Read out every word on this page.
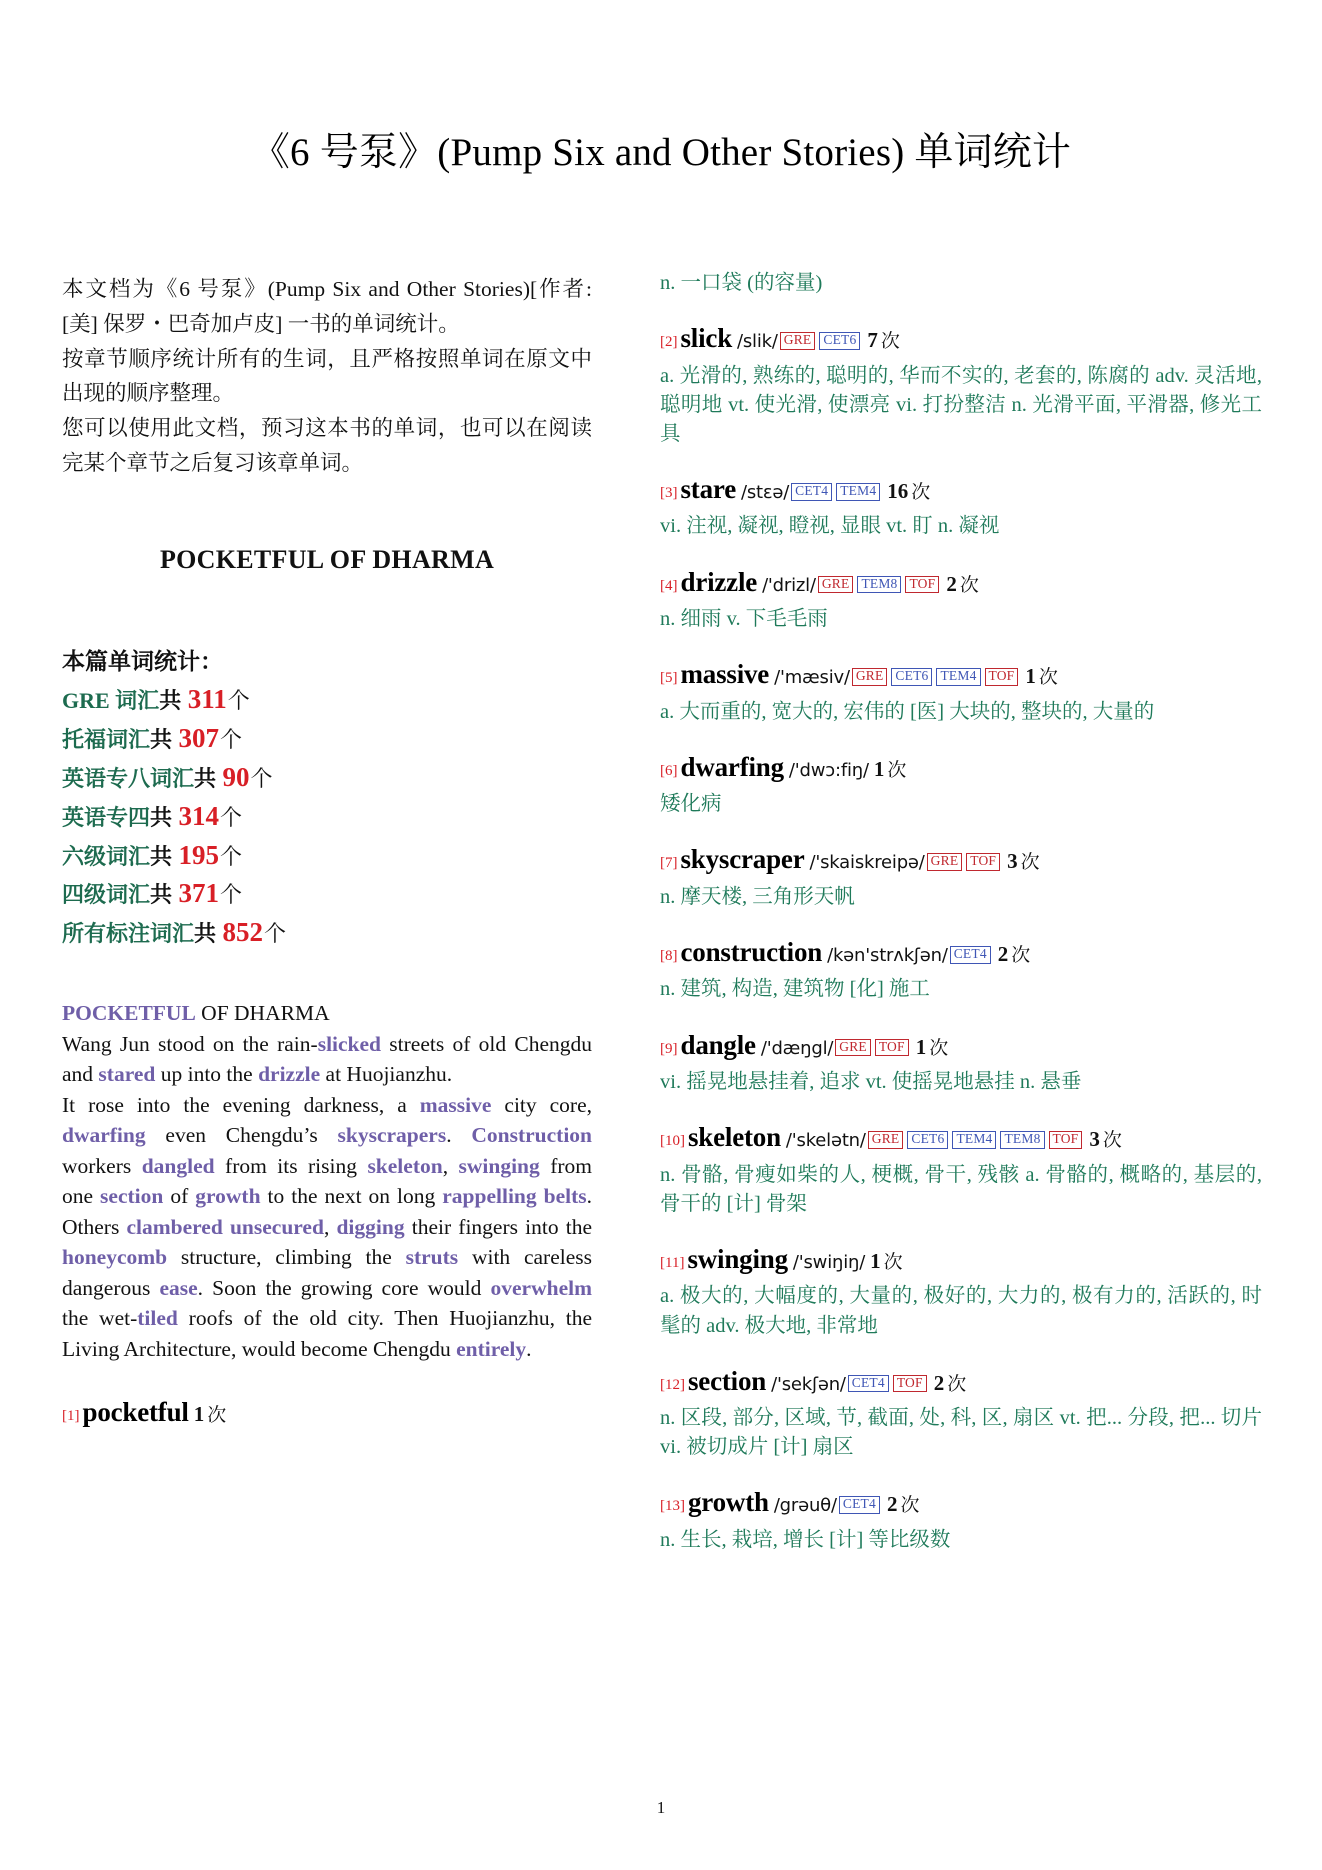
《6 号泵》(Pump Six and Other Stories) 单词统计

本文档为《6 号泵》(Pump Six and Other Stories)[作者: [美] 保罗・巴奇加卢皮] 一书的单词统计。

按章节顺序统计所有的生词，且严格按照单词在原文中出现的顺序整理。

您可以使用此文档，预习这本书的单词，也可以在阅读完某个章节之后复习该章单词。

POCKETFUL OF DHARMA
本篇单词统计：
GRE 词汇共 311个
托福词汇共 307个
英语专八词汇共 90个
英语专四共 314个
六级词汇共 195个
四级词汇共 371个
所有标注词汇共 852个

POCKETFUL OF DHARMA

Wang Jun stood on the rain-slicked streets of old Chengdu and stared up into the drizzle at Huojianzhu.
It rose into the evening darkness, a massive city core, dwarfing even Chengdu’s skyscrapers. Construction workers dangled from its rising skeleton, swinging from one section of growth to the next on long rappelling belts. Others clambered unsecured, digging their fingers into the honeycomb structure, climbing the struts with careless dangerous ease. Soon the growing core would overwhelm the wet-tiled roofs of the old city. Then Huojianzhu, the Living Architecture, would become Chengdu entirely.

[1] pocketful 1 次
n. 一口袋 (的容量)
[2] slick /slik/ GRE CET6 7 次
a. 光滑的, 熟练的, 聪明的, 华而不实的, 老套的, 陈腐的 adv. 灵活地, 聪明地 vt. 使光滑, 使漂亮 vi. 打扮整洁 n. 光滑平面, 平滑器, 修光工具
[3] stare /stɛə/ CET4 TEM4 16 次
vi. 注视, 凝视, 瞪视, 显眼 vt. 盯 n. 凝视
[4] drizzle /'drizl/ GRE TEM8 TOF 2 次
n. 细雨 v. 下毛毛雨
[5] massive /'mæsiv/ GRE CET6 TEM4 TOF 1 次
a. 大而重的, 宽大的, 宏伟的 [医] 大块的, 整块的, 大量的
[6] dwarfing /'dwɔ:fiŋ/ 1 次
矮化病
[7] skyscraper /'skaiskreipə/ GRE TOF 3 次
n. 摩天楼, 三角形天帆
[8] construction /kən'strʌkʃən/ CET4 2 次
n. 建筑, 构造, 建筑物 [化] 施工
[9] dangle /'dæŋgl/ GRE TOF 1 次
vi. 摇晃地悬挂着, 追求 vt. 使摇晃地悬挂 n. 悬垂
[10] skeleton /'skelətn/ GRE CET6 TEM4 TEM8 TOF 3 次
n. 骨骼, 骨瘦如柴的人, 梗概, 骨干, 残骸 a. 骨骼的, 概略的, 基层的, 骨干的 [计] 骨架
[11] swinging /'swiŋiŋ/ 1 次
a. 极大的, 大幅度的, 大量的, 极好的, 大力的, 极有力的, 活跃的, 时髦的 adv. 极大地, 非常地
[12] section /'sekʃən/ CET4 TOF 2 次
n. 区段, 部分, 区域, 节, 截面, 处, 科, 区, 扇区 vt. 把... 分段, 把... 切片 vi. 被切成片 [计] 扇区
[13] growth /grəuθ/ CET4 2 次
n. 生长, 栽培, 增长 [计] 等比级数
1
